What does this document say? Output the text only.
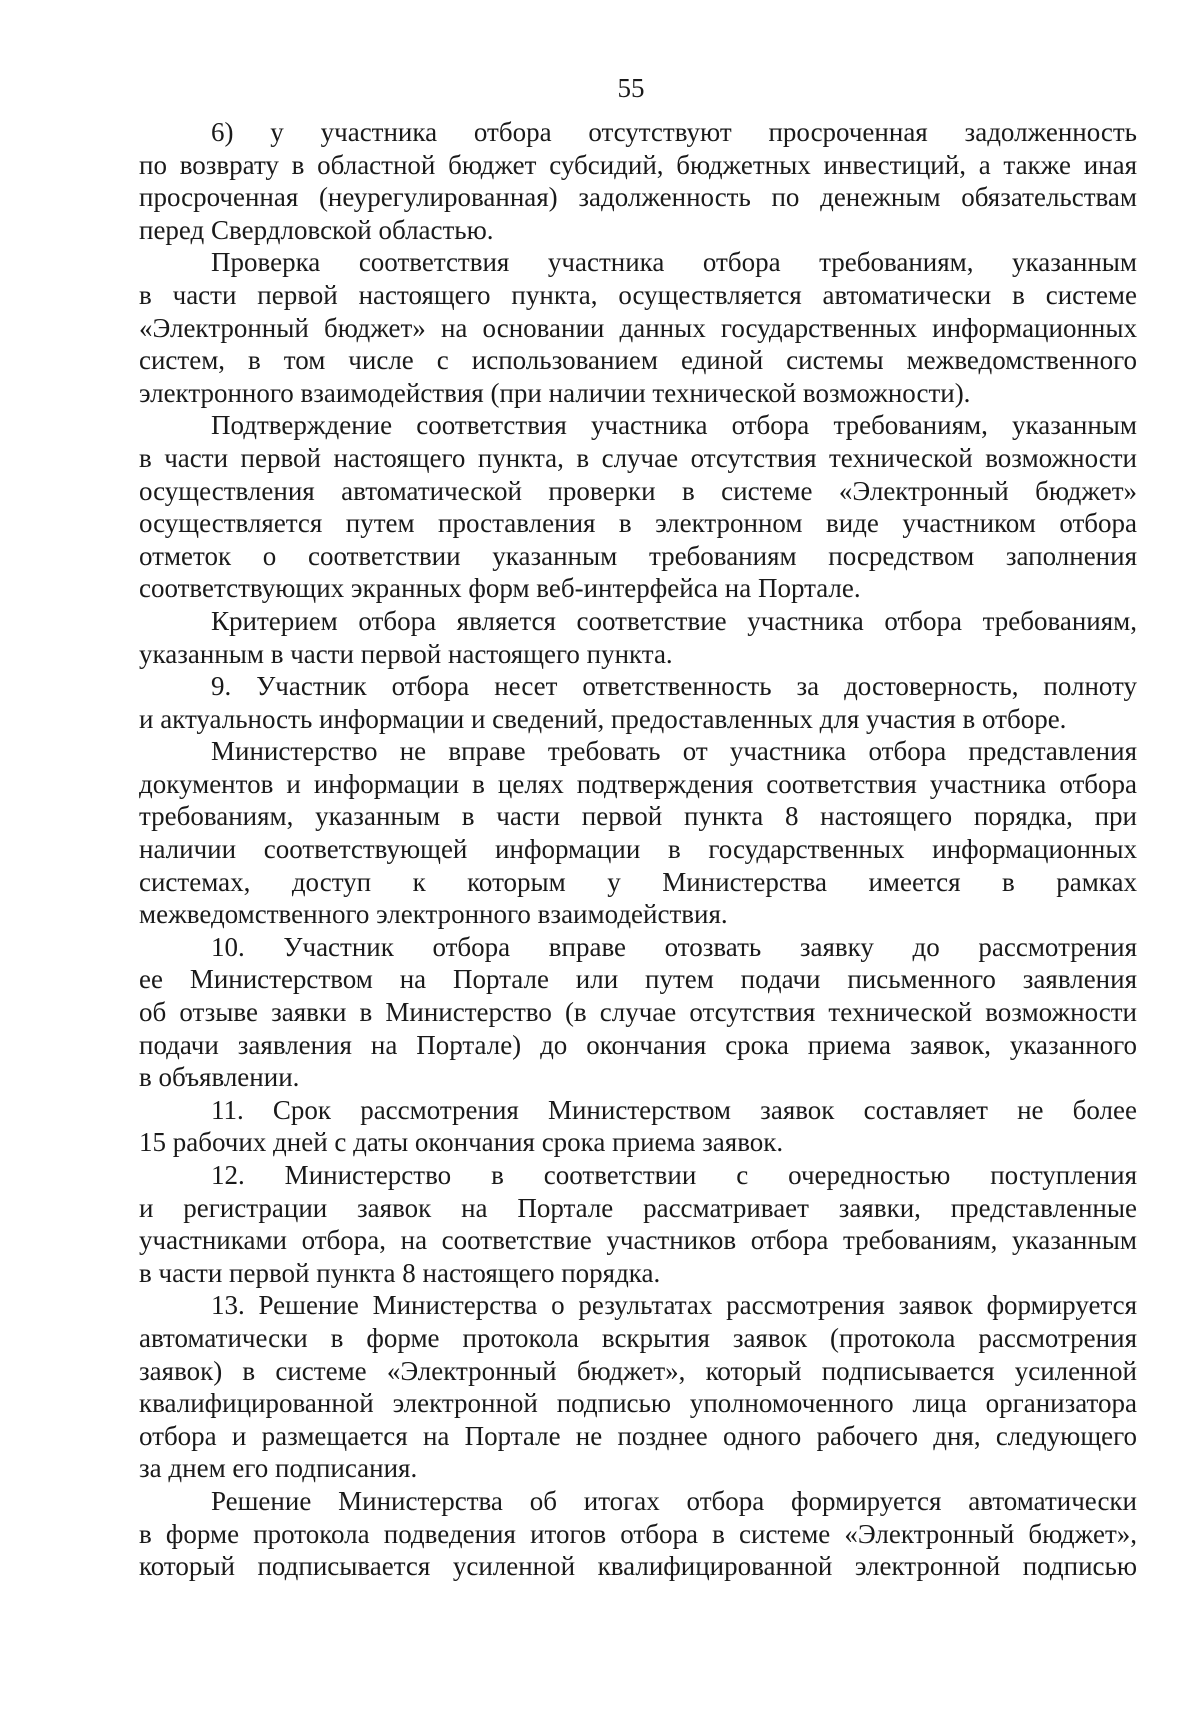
55
6) у участника отбора отсутствуют просроченная задолженность
по возврату в областной бюджет субсидий, бюджетных инвестиций, а также иная
просроченная (неурегулированная) задолженность по денежным обязательствам
перед Свердловской областью.
Проверка соответствия участника отбора требованиям, указанным
в части первой настоящего пункта, осуществляется автоматически в системе
«Электронный бюджет» на основании данных государственных информационных
систем, в том числе с использованием единой системы межведомственного
электронного взаимодействия (при наличии технической возможности).
Подтверждение соответствия участника отбора требованиям, указанным
в части первой настоящего пункта, в случае отсутствия технической возможности
осуществления автоматической проверки в системе «Электронный бюджет»
осуществляется путем проставления в электронном виде участником отбора
отметок о соответствии указанным требованиям посредством заполнения
соответствующих экранных форм веб-интерфейса на Портале.
Критерием отбора является соответствие участника отбора требованиям,
указанным в части первой настоящего пункта.
9. Участник отбора несет ответственность за достоверность, полноту
и актуальность информации и сведений, предоставленных для участия в отборе.
Министерство не вправе требовать от участника отбора представления
документов и информации в целях подтверждения соответствия участника отбора
требованиям, указанным в части первой пункта 8 настоящего порядка, при
наличии соответствующей информации в государственных информационных
системах, доступ к которым у Министерства имеется в рамках
межведомственного электронного взаимодействия.
10. Участник отбора вправе отозвать заявку до рассмотрения
ее Министерством на Портале или путем подачи письменного заявления
об отзыве заявки в Министерство (в случае отсутствия технической возможности
подачи заявления на Портале) до окончания срока приема заявок, указанного
в объявлении.
11. Срок рассмотрения Министерством заявок составляет не более
15 рабочих дней с даты окончания срока приема заявок.
12. Министерство в соответствии с очередностью поступления
и регистрации заявок на Портале рассматривает заявки, представленные
участниками отбора, на соответствие участников отбора требованиям, указанным
в части первой пункта 8 настоящего порядка.
13. Решение Министерства о результатах рассмотрения заявок формируется
автоматически в форме протокола вскрытия заявок (протокола рассмотрения
заявок) в системе «Электронный бюджет», который подписывается усиленной
квалифицированной электронной подписью уполномоченного лица организатора
отбора и размещается на Портале не позднее одного рабочего дня, следующего
за днем его подписания.
Решение Министерства об итогах отбора формируется автоматически
в форме протокола подведения итогов отбора в системе «Электронный бюджет»,
который подписывается усиленной квалифицированной электронной подписью
